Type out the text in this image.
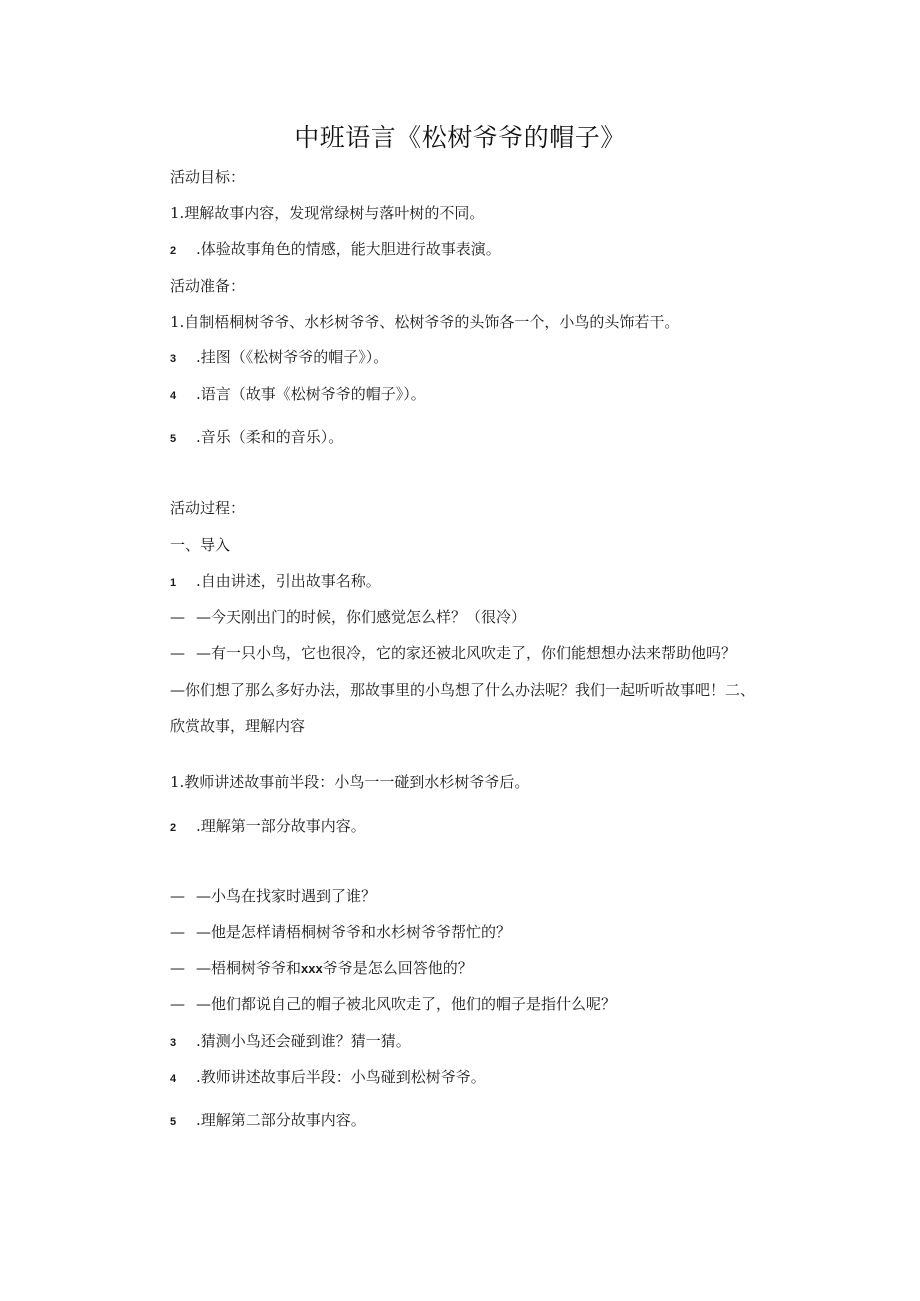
中班语言《松树爷爷的帽子》
活动目标：
1.理解故事内容，发现常绿树与落叶树的不同。
2 .体验故事角色的情感，能大胆进行故事表演。
活动准备：
1.自制梧桐树爷爷、水杉树爷爷、松树爷爷的头饰各一个，小鸟的头饰若干。
3 .挂图（《松树爷爷的帽子》）。
4 .语言（故事《松树爷爷的帽子》）。
5 .音乐（柔和的音乐）。
活动过程：
一、导入
1 .自由讲述，引出故事名称。
— —今天刚出门的时候，你们感觉怎么样？（很冷）
— —有一只小鸟，它也很冷，它的家还被北风吹走了，你们能想想办法来帮助他吗？
—你们想了那么多好办法，那故事里的小鸟想了什么办法呢？我们一起听听故事吧！二、
欣赏故事，理解内容
1.教师讲述故事前半段：小鸟一一碰到水杉树爷爷后。
2 .理解第一部分故事内容。
— —小鸟在找家时遇到了谁？
— —他是怎样请梧桐树爷爷和水杉树爷爷帮忙的？
— —梧桐树爷爷和xxx爷爷是怎么回答他的？
— —他们都说自己的帽子被北风吹走了，他们的帽子是指什么呢？
3 .猜测小鸟还会碰到谁？猜一猜。
4 .教师讲述故事后半段：小鸟碰到松树爷爷。
5 .理解第二部分故事内容。
